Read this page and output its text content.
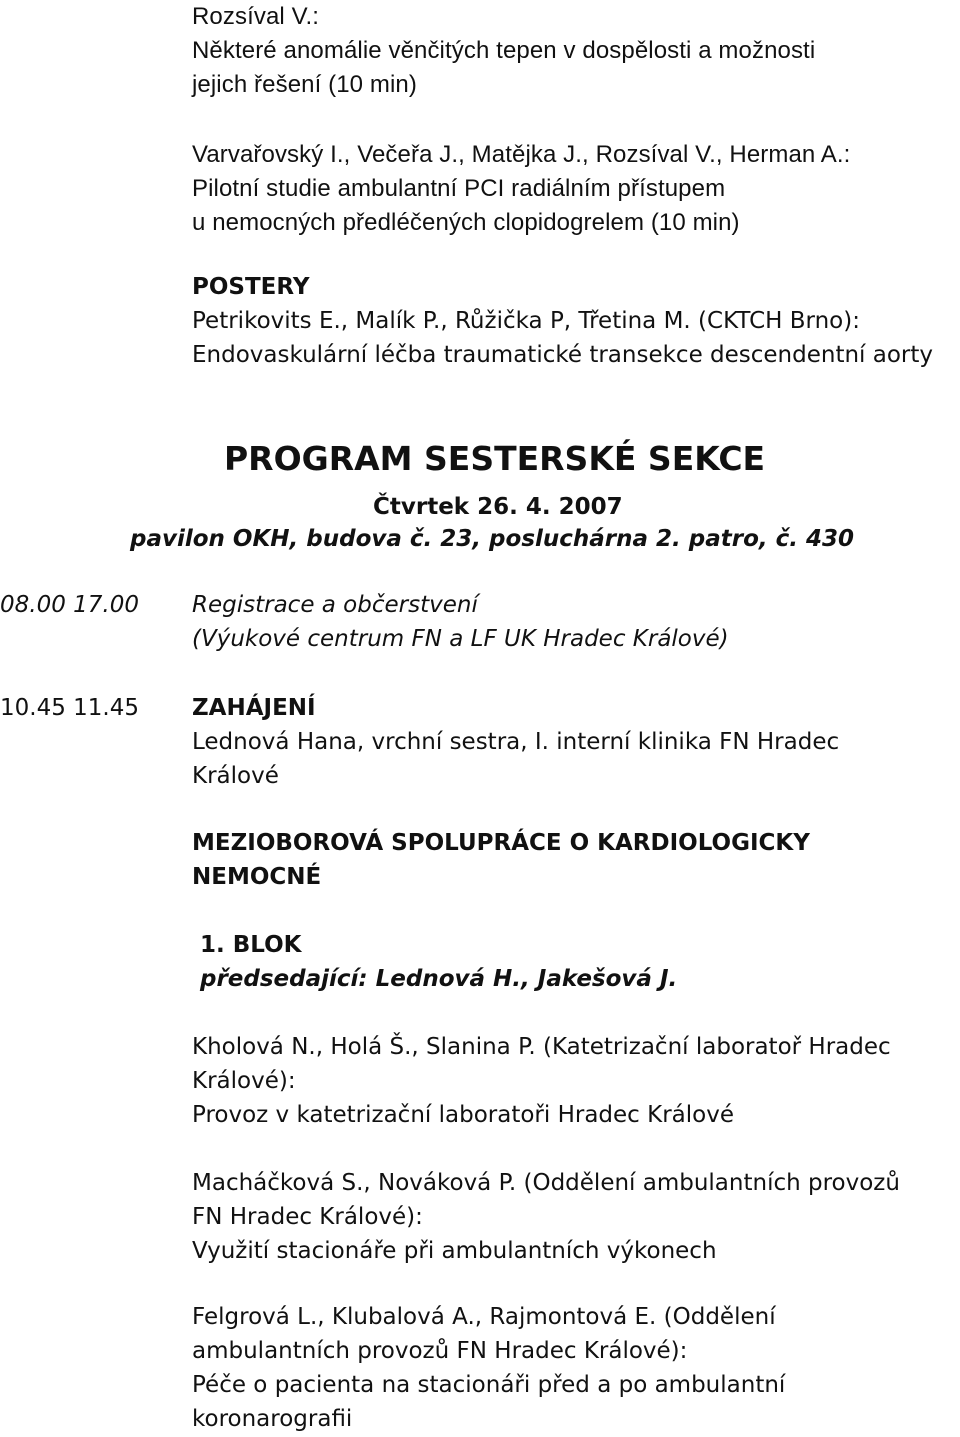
Rozsíval V.:
Některé anomálie věnčitých tepen v dospělosti a možnosti
jejich řešení (10 min)
Varvařovský I., Večeřa J., Matějka J., Rozsíval V., Herman A.:
Pilotní studie ambulantní PCI radiálním přístupem
u nemocných předléčených clopidogrelem (10 min)
POSTERY
Petrikovits E., Malík P., Růžička P, Třetina M. (CKTCH Brno):
Endovaskulární léčba traumatické transekce descendentní aorty
PROGRAM SESTERSKÉ SEKCE
Čtvrtek 26. 4. 2007
pavilon OKH, budova č. 23, posluchárna 2. patro, č. 430
08.00 17.00	Registrace a občerstvení
(Výukové centrum FN a LF UK Hradec Králové)
10.45 11.45	ZAHÁJENÍ
Lednová Hana, vrchní sestra, I. interní klinika FN Hradec
Králové
MEZIOBOROVÁ SPOLUPRÁCE O KARDIOLOGICKY
NEMOCNÉ
1. BLOK
předsedající: Lednová H., Jakešová J.
Kholová N., Holá Š., Slanina P. (Katetrizační laboratoř Hradec
Králové):
Provoz v katetrizační laboratoři Hradec Králové
Macháčková S., Nováková P. (Oddělení ambulantních provozů
FN Hradec Králové):
Využití stacionáře při ambulantních výkonech
Felgrová L., Klubalová A., Rajmontová E. (Oddělení
ambulantních provozů FN Hradec Králové):
Péče o pacienta na stacionáři před a po ambulantní
koronarografii
